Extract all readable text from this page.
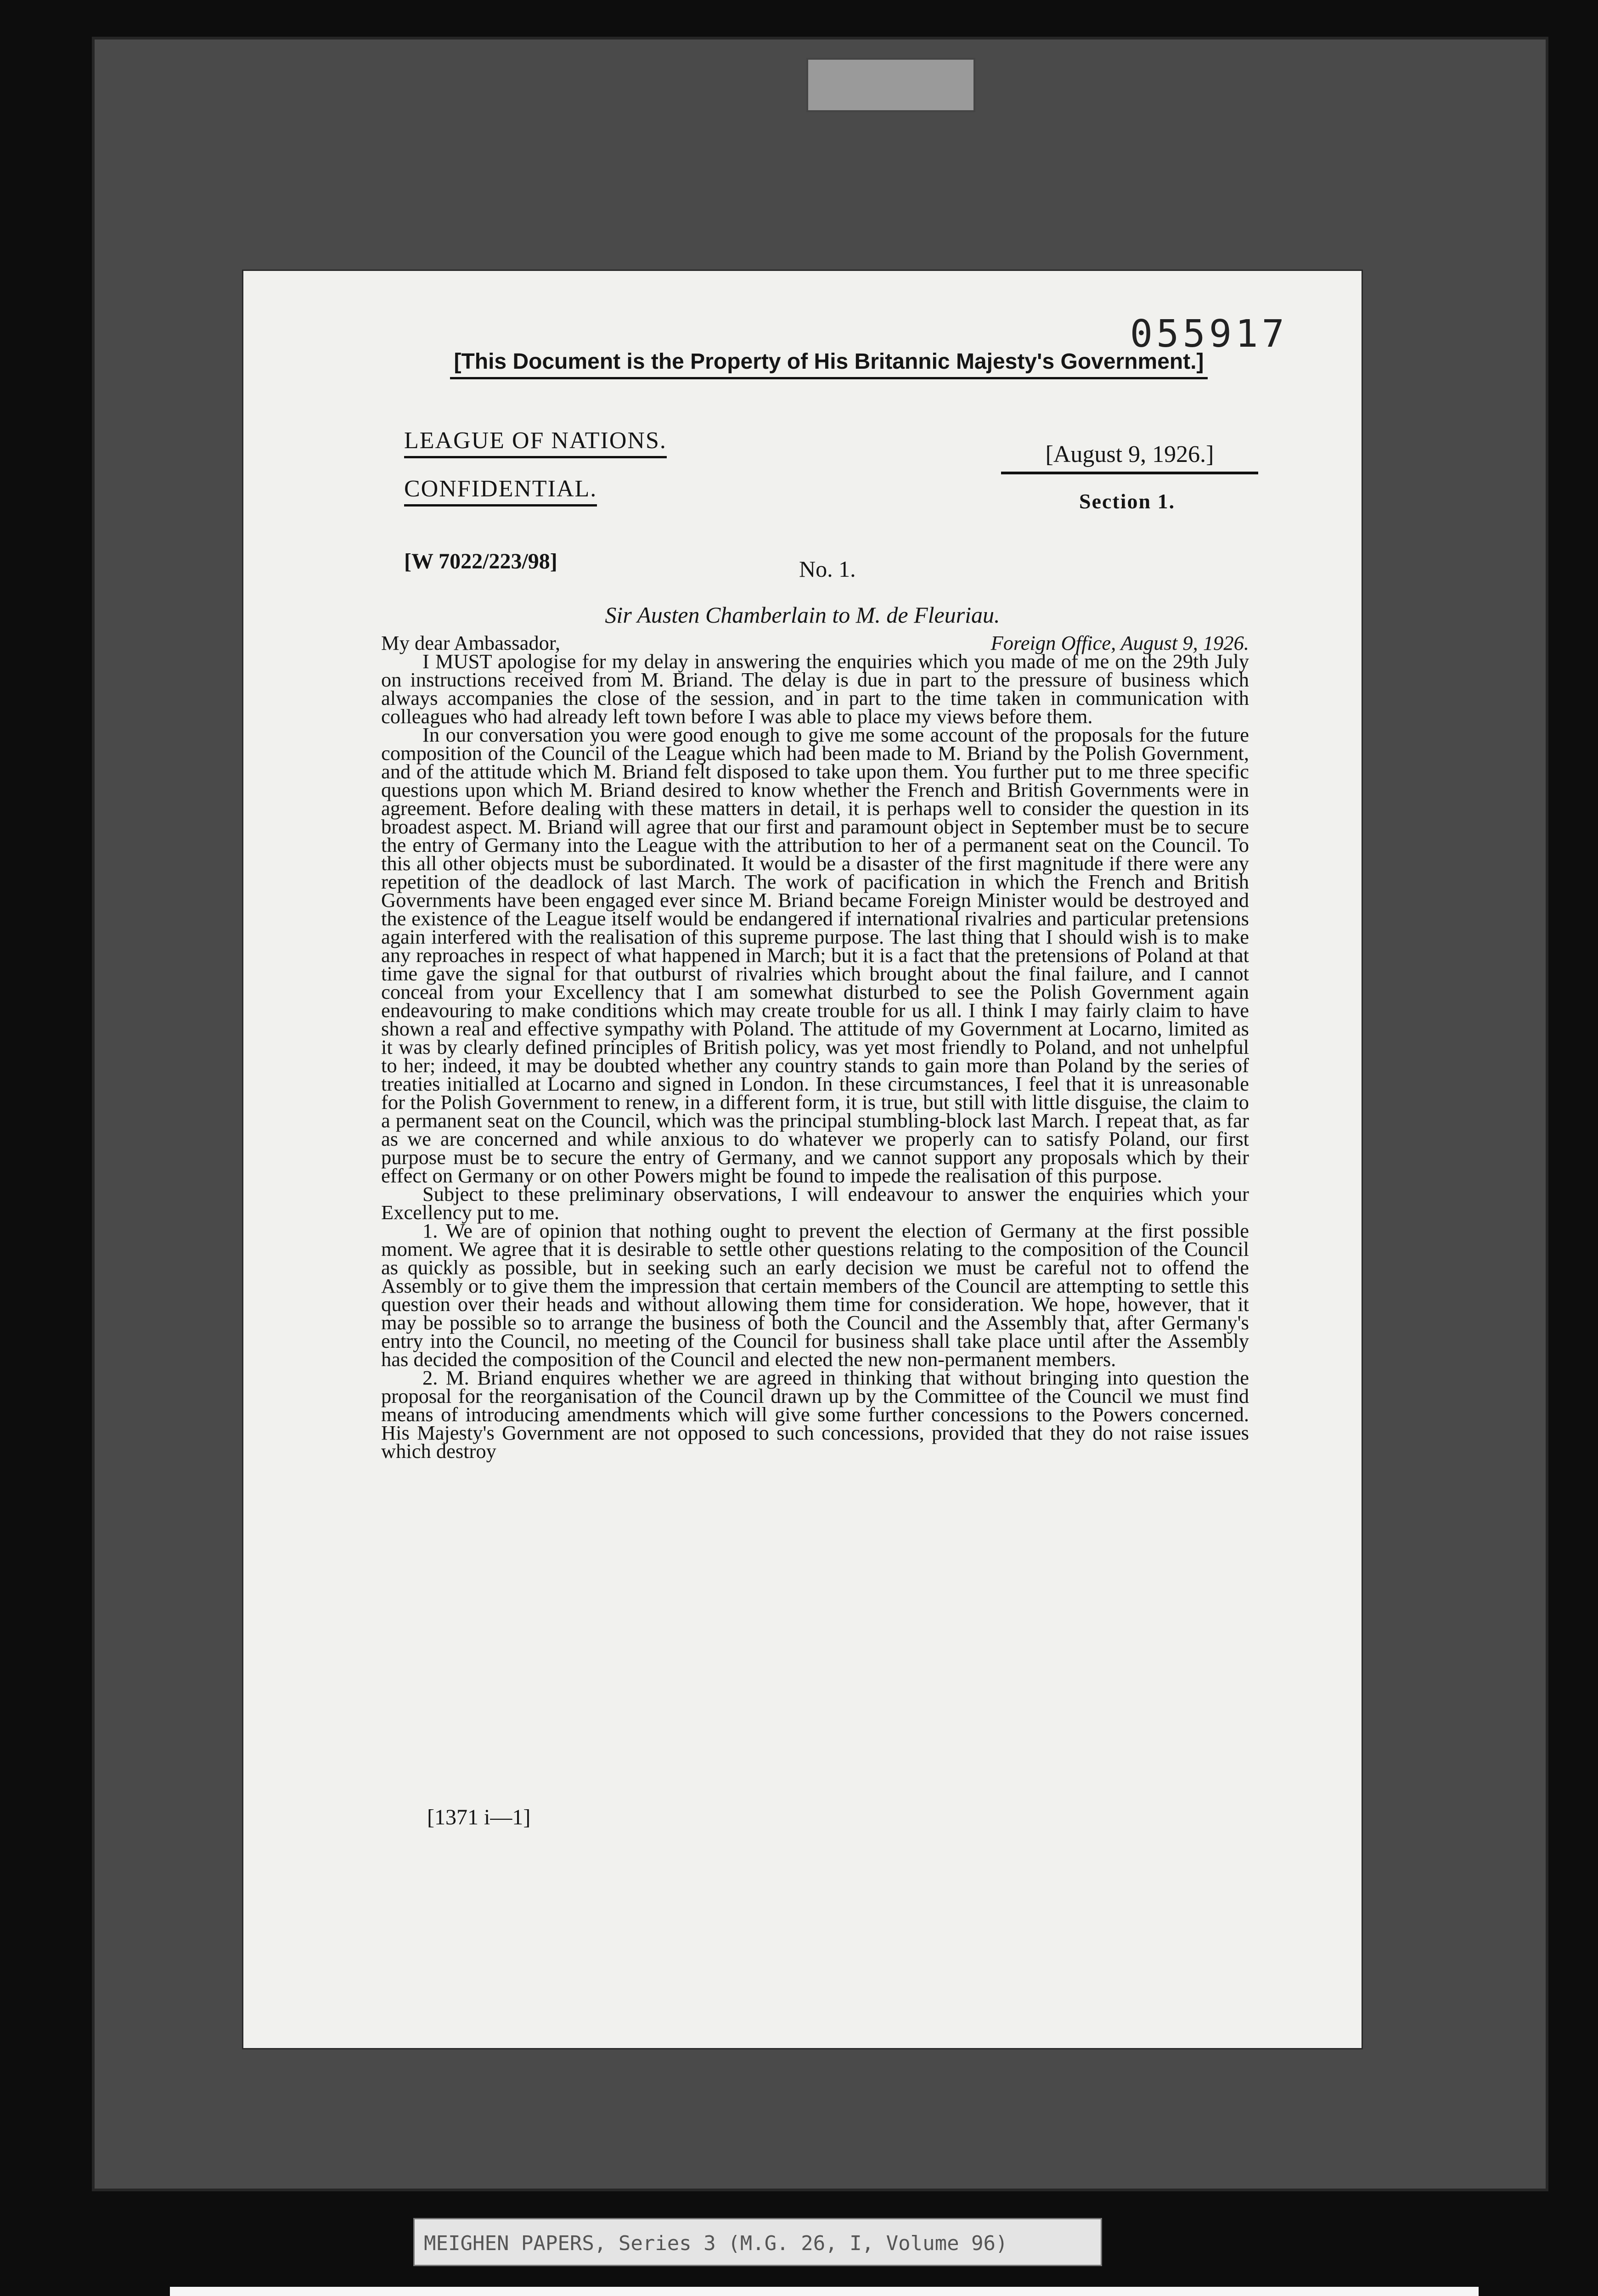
055917
[This Document is the Property of His Britannic Majesty's Government.]
LEAGUE OF NATIONS.
CONFIDENTIAL.
[August 9, 1926.]
Section 1.
[W 7022/223/98]	No. 1.
Sir Austen Chamberlain to M. de Fleuriau.
My dear Ambassador,	Foreign Office, August 9, 1926.

I MUST apologise for my delay in answering the enquiries which you made of me on the 29th July on instructions received from M. Briand. The delay is due in part to the pressure of business which always accompanies the close of the session, and in part to the time taken in communication with colleagues who had already left town before I was able to place my views before them.

In our conversation you were good enough to give me some account of the proposals for the future composition of the Council of the League which had been made to M. Briand by the Polish Government, and of the attitude which M. Briand felt disposed to take upon them. You further put to me three specific questions upon which M. Briand desired to know whether the French and British Governments were in agreement. Before dealing with these matters in detail, it is perhaps well to consider the question in its broadest aspect. M. Briand will agree that our first and paramount object in September must be to secure the entry of Germany into the League with the attribution to her of a permanent seat on the Council. To this all other objects must be subordinated. It would be a disaster of the first magnitude if there were any repetition of the deadlock of last March. The work of pacification in which the French and British Governments have been engaged ever since M. Briand became Foreign Minister would be destroyed and the existence of the League itself would be endangered if international rivalries and particular pretensions again interfered with the realisation of this supreme purpose. The last thing that I should wish is to make any reproaches in respect of what happened in March; but it is a fact that the pretensions of Poland at that time gave the signal for that outburst of rivalries which brought about the final failure, and I cannot conceal from your Excellency that I am somewhat disturbed to see the Polish Government again endeavouring to make conditions which may create trouble for us all. I think I may fairly claim to have shown a real and effective sympathy with Poland. The attitude of my Government at Locarno, limited as it was by clearly defined principles of British policy, was yet most friendly to Poland, and not unhelpful to her; indeed, it may be doubted whether any country stands to gain more than Poland by the series of treaties initialled at Locarno and signed in London. In these circumstances, I feel that it is unreasonable for the Polish Government to renew, in a different form, it is true, but still with little disguise, the claim to a permanent seat on the Council, which was the principal stumbling-block last March. I repeat that, as far as we are concerned and while anxious to do whatever we properly can to satisfy Poland, our first purpose must be to secure the entry of Germany, and we cannot support any proposals which by their effect on Germany or on other Powers might be found to impede the realisation of this purpose.

Subject to these preliminary observations, I will endeavour to answer the enquiries which your Excellency put to me.

1. We are of opinion that nothing ought to prevent the election of Germany at the first possible moment. We agree that it is desirable to settle other questions relating to the composition of the Council as quickly as possible, but in seeking such an early decision we must be careful not to offend the Assembly or to give them the impression that certain members of the Council are attempting to settle this question over their heads and without allowing them time for consideration. We hope, however, that it may be possible so to arrange the business of both the Council and the Assembly that, after Germany's entry into the Council, no meeting of the Council for business shall take place until after the Assembly has decided the composition of the Council and elected the new non-permanent members.

2. M. Briand enquires whether we are agreed in thinking that without bringing into question the proposal for the reorganisation of the Council drawn up by the Committee of the Council we must find means of introducing amendments which will give some further concessions to the Powers concerned. His Majesty's Government are not opposed to such concessions, provided that they do not raise issues which destroy

[1371 i—1]
MEIGHEN PAPERS, Series 3 (M.G. 26, I, Volume 96)
